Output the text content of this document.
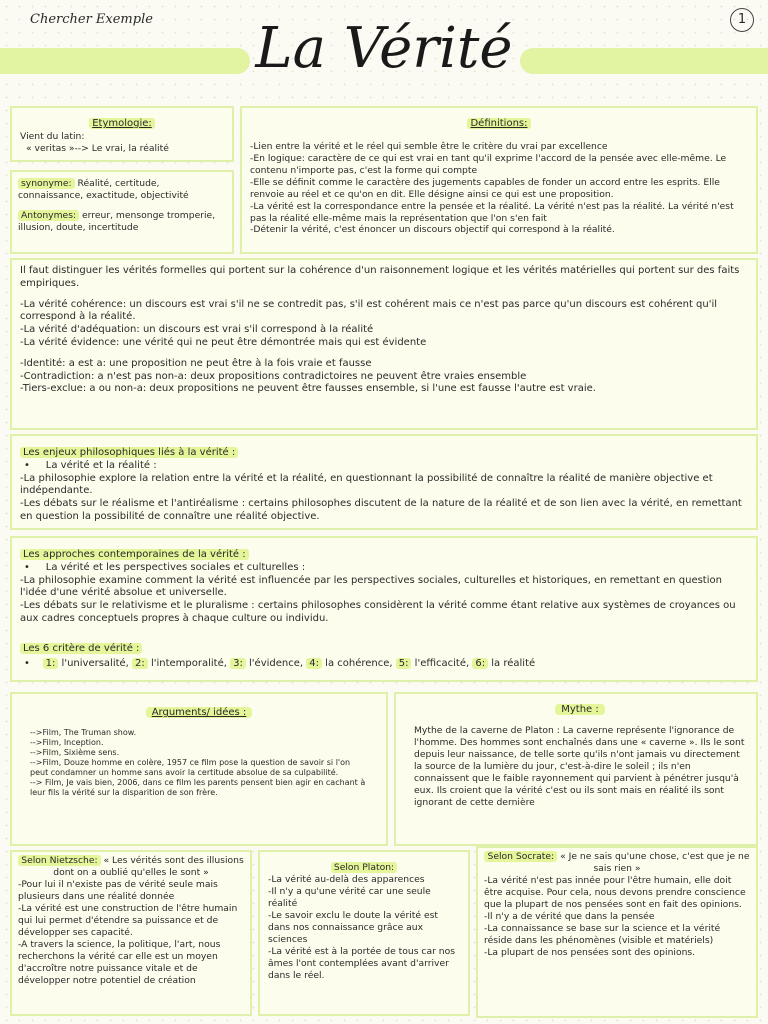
Chercher Exemple	La Vérité	1
Etymologie:
Vient du latin:
« veritas »--> Le vrai, la réalité
synonyme: Réalité, certitude, connaissance, exactitude, objectivité
Antonymes: erreur, mensonge tromperie, illusion, doute, incertitude
Définitions:
-Lien entre la vérité et le réel qui semble être le critère du vrai par excellence
-En logique: caractère de ce qui est vrai en tant qu'il exprime l'accord de la pensée avec elle-même. Le contenu n'importe pas, c'est la forme qui compte
-Elle se définit comme le caractère des jugements capables de fonder un accord entre les esprits. Elle renvoie au réel et ce qu'on en dit. Elle désigne ainsi ce qui est une proposition.
-La vérité est la correspondance entre la pensée et la réalité. La vérité n'est pas la réalité. La vérité n'est pas la réalité elle-même mais la représentation que l'on s'en fait
-Détenir la vérité, c'est énoncer un discours objectif qui correspond à la réalité.
Il faut distinguer les vérités formelles qui portent sur la cohérence d'un raisonnement logique et les vérités matérielles qui portent sur des faits empiriques.
-La vérité cohérence: un discours est vrai s'il ne se contredit pas, s'il est cohérent mais ce n'est pas parce qu'un discours est cohérent qu'il correspond à la réalité.
-La vérité d'adéquation: un discours est vrai s'il correspond à la réalité
-La vérité évidence: une vérité qui ne peut être démontrée mais qui est évidente
-Identité: a est a: une proposition ne peut être à la fois vraie et fausse
-Contradiction: a n'est pas non-a: deux propositions contradictoires ne peuvent être vraies ensemble
-Tiers-exclue: a ou non-a: deux propositions ne peuvent être fausses ensemble, si l'une est fausse l'autre est vraie.
Les enjeux philosophiques liés à la vérité :
•     La vérité et la réalité :
-La philosophie explore la relation entre la vérité et la réalité, en questionnant la possibilité de connaître la réalité de manière objective et indépendante.
-Les débats sur le réalisme et l'antiréalisme : certains philosophes discutent de la nature de la réalité et de son lien avec la vérité, en remettant en question la possibilité de connaître une réalité objective.
Les approches contemporaines de la vérité :
•     La vérité et les perspectives sociales et culturelles :
-La philosophie examine comment la vérité est influencée par les perspectives sociales, culturelles et historiques, en remettant en question l'idée d'une vérité absolue et universelle.
-Les débats sur le relativisme et le pluralisme : certains philosophes considèrent la vérité comme étant relative aux systèmes de croyances ou aux cadres conceptuels propres à chaque culture ou individu.
Les 6 critère de vérité :
•    1: l'universalité, 2: l'intemporalité, 3: l'évidence, 4: la cohérence, 5: l'efficacité, 6: la réalité
Arguments/ idées :
-->Film, The Truman show.
-->Film, Inception.
-->Film, Sixième sens.
-->Film, Douze homme en colère, 1957 ce film pose la question de savoir si l'on peut condamner un homme sans avoir la certitude absolue de sa culpabilité.
--> Film, Je vais bien, 2006, dans ce film les parents pensent bien agir en cachant à leur fils la vérité sur la disparition de son frère.
Mythe :
Mythe de la caverne de Platon : La caverne représente l'ignorance de l'homme. Des hommes sont enchaînés dans une « caverne ». Ils le sont depuis leur naissance, de telle sorte qu'ils n'ont jamais vu directement la source de la lumière du jour, c'est-à-dire le soleil ; ils n'en connaissent que le faible rayonnement qui parvient à pénétrer jusqu'à eux. Ils croient que la vérité c'est ou ils sont mais en réalité ils sont ignorant de cette dernière
Selon Nietzsche: « Les vérités sont des illusions dont on a oublié qu'elles le sont »
-Pour lui il n'existe pas de vérité seule mais plusieurs dans une réalité donnée
-La vérité est une construction de l'être humain qui lui permet d'étendre sa puissance et de développer ses capacité.
-A travers la science, la politique, l'art, nous recherchons la vérité car elle est un moyen d'accroître notre puissance vitale et de développer notre potentiel de création
Selon Platon:
-La vérité au-delà des apparences
-Il n'y a qu'une vérité car une seule réalité
-Le savoir exclu le doute la vérité est dans nos connaissance grâce aux sciences
-La vérité est à la portée de tous car nos âmes l'ont contemplées avant d'arriver dans le réel.
Selon Socrate: « Je ne sais qu'une chose, c'est que je ne sais rien »
-La vérité n'est pas innée pour l'être humain, elle doit être acquise. Pour cela, nous devons prendre conscience que la plupart de nos pensées sont en fait des opinions.
-Il n'y a de vérité que dans la pensée
-La connaissance se base sur la science et la vérité réside dans les phénomènes (visible et matériels)
-La plupart de nos pensées sont des opinions.
